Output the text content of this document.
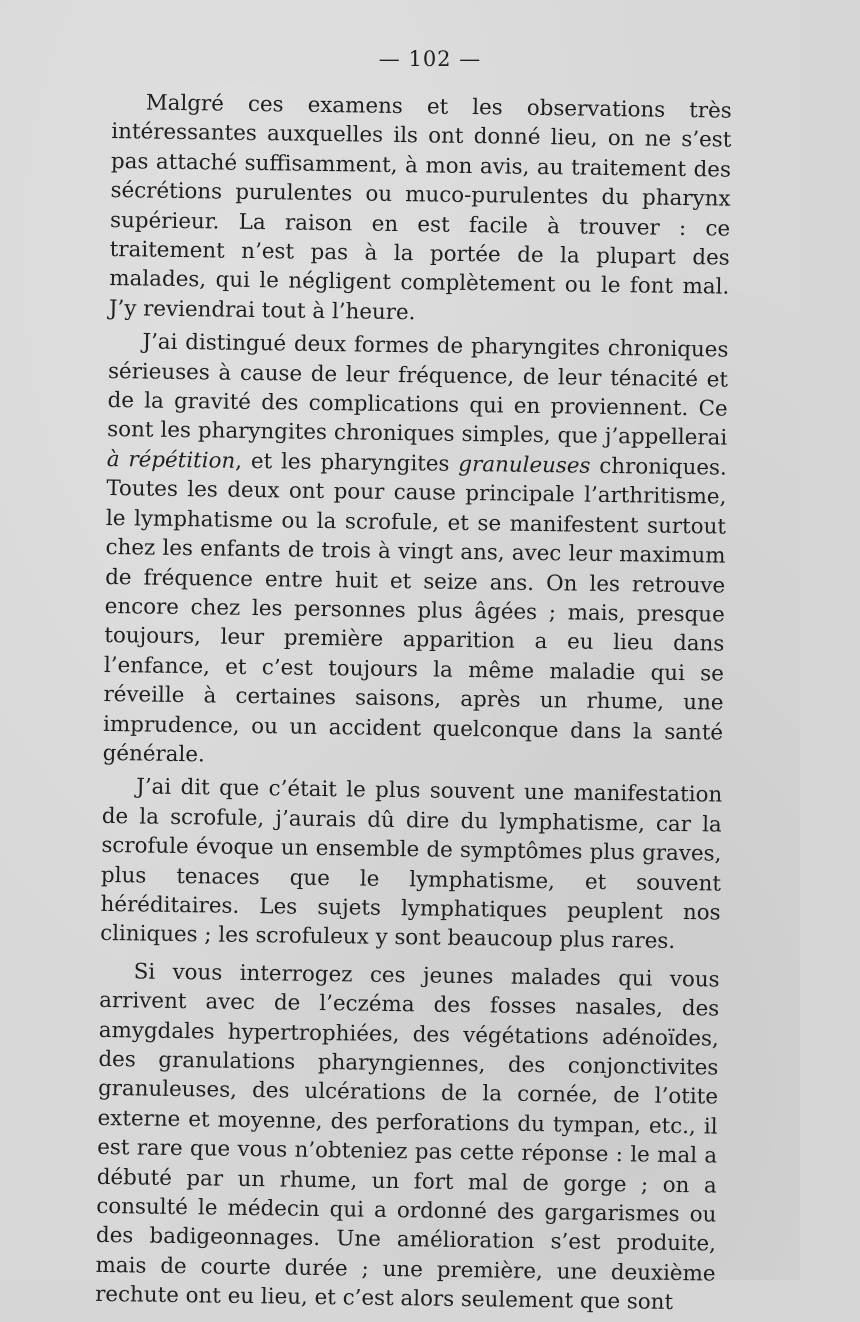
— 102 —

Malgré ces examens et les observations très intéressantes auxquelles ils ont donné lieu, on ne s’est pas attaché suffisamment, à mon avis, au traitement des sécrétions purulentes ou muco-purulentes du pharynx supérieur. La raison en est facile à trouver : ce traitement n’est pas à la portée de la plupart des malades, qui le négligent complètement ou le font mal. J’y reviendrai tout à l’heure.

J’ai distingué deux formes de pharyngites chroniques sérieuses à cause de leur fréquence, de leur ténacité et de la gravité des complications qui en proviennent. Ce sont les pharyngites chroniques simples, que j’appellerai à répétition, et les pharyngites granuleuses chroniques. Toutes les deux ont pour cause principale l’arthritisme, le lymphatisme ou la scrofule, et se manifestent surtout chez les enfants de trois à vingt ans, avec leur maximum de fréquence entre huit et seize ans. On les retrouve encore chez les personnes plus âgées ; mais, presque toujours, leur première apparition a eu lieu dans l’enfance, et c’est toujours la même maladie qui se réveille à certaines saisons, après un rhume, une imprudence, ou un accident quelconque dans la santé générale.

J’ai dit que c’était le plus souvent une manifestation de la scrofule, j’aurais dû dire du lymphatisme, car la scrofule évoque un ensemble de symptômes plus graves, plus tenaces que le lymphatisme, et souvent héréditaires. Les sujets lymphatiques peuplent nos cliniques ; les scrofuleux y sont beaucoup plus rares.

Si vous interrogez ces jeunes malades qui vous arrivent avec de l’eczéma des fosses nasales, des amygdales hypertrophiées, des végétations adénoïdes, des granulations pharyngiennes, des conjonctivites granuleuses, des ulcérations de la cornée, de l’otite externe et moyenne, des perforations du tympan, etc., il est rare que vous n’obteniez pas cette réponse : le mal a débuté par un rhume, un fort mal de gorge ; on a consulté le médecin qui a ordonné des gargarismes ou des badigeonnages. Une amélioration s’est produite, mais de courte durée ; une première, une deuxième rechute ont eu lieu, et c’est alors seulement que sont
